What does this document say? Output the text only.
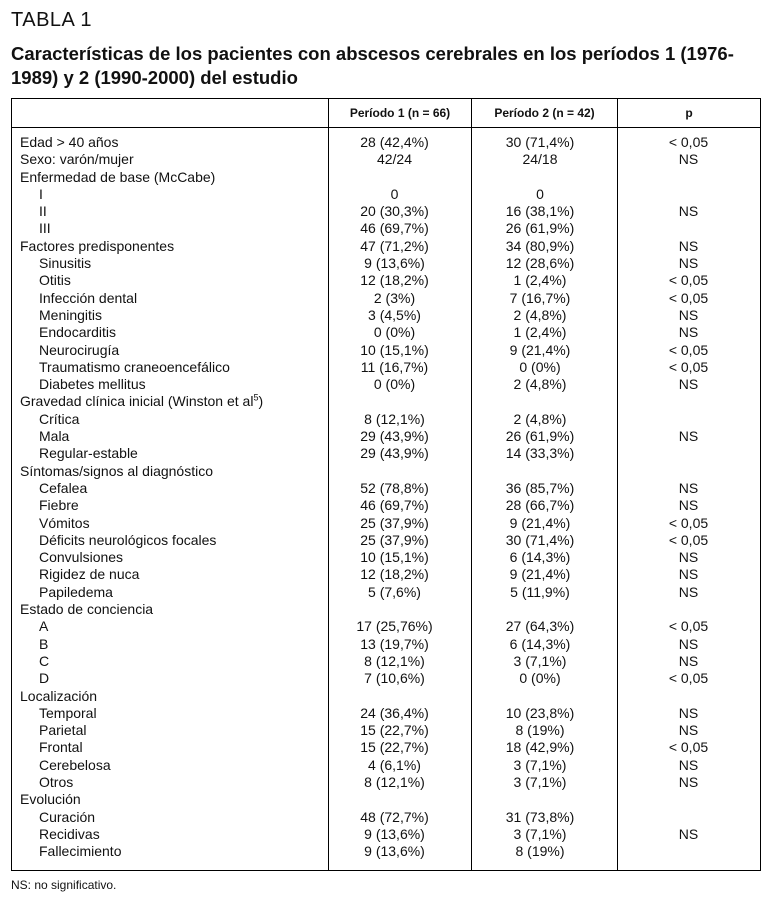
TABLA 1
Características de los pacientes con abscesos cerebrales en los períodos 1 (1976-1989) y 2 (1990-2000) del estudio
Período 1 (n = 66)	Período 2 (n = 42)	p
Edad > 40 años	28 (42,4%)	30 (71,4%)	< 0,05
Sexo: varón/mujer	42/24	24/18	NS
Enfermedad de base (McCabe)
I	0	0
II	20 (30,3%)	16 (38,1%)	NS
III	46 (69,7%)	26 (61,9%)
Factores predisponentes	47 (71,2%)	34 (80,9%)	NS
Sinusitis	9 (13,6%)	12 (28,6%)	NS
Otitis	12 (18,2%)	1 (2,4%)	< 0,05
Infección dental	2 (3%)	7 (16,7%)	< 0,05
Meningitis	3 (4,5%)	2 (4,8%)	NS
Endocarditis	0 (0%)	1 (2,4%)	NS
Neurocirugía	10 (15,1%)	9 (21,4%)	< 0,05
Traumatismo craneoencefálico	11 (16,7%)	0 (0%)	< 0,05
Diabetes mellitus	0 (0%)	2 (4,8%)	NS
Gravedad clínica inicial (Winston et $al^5$)
Crítica	8 (12,1%)	2 (4,8%)
Mala	29 (43,9%)	26 (61,9%)	NS
Regular-estable	29 (43,9%)	14 (33,3%)
Síntomas/signos al diagnóstico
Cefalea	52 (78,8%)	36 (85,7%)	NS
Fiebre	46 (69,7%)	28 (66,7%)	NS
Vómitos	25 (37,9%)	9 (21,4%)	< 0,05
Déficits neurológicos focales	25 (37,9%)	30 (71,4%)	< 0,05
Convulsiones	10 (15,1%)	6 (14,3%)	NS
Rigidez de nuca	12 (18,2%)	9 (21,4%)	NS
Papiledema	5 (7,6%)	5 (11,9%)	NS
Estado de conciencia
A	17 (25,76%)	27 (64,3%)	< 0,05
B	13 (19,7%)	6 (14,3%)	NS
C	8 (12,1%)	3 (7,1%)	NS
D	7 (10,6%)	0 (0%)	< 0,05
Localización
Temporal	24 (36,4%)	10 (23,8%)	NS
Parietal	15 (22,7%)	8 (19%)	NS
Frontal	15 (22,7%)	18 (42,9%)	< 0,05
Cerebelosa	4 (6,1%)	3 (7,1%)	NS
Otros	8 (12,1%)	3 (7,1%)	NS
Evolución
Curación	48 (72,7%)	31 (73,8%)
Recidivas	9 (13,6%)	3 (7,1%)	NS
Fallecimiento	9 (13,6%)	8 (19%)
NS: no significativo.
